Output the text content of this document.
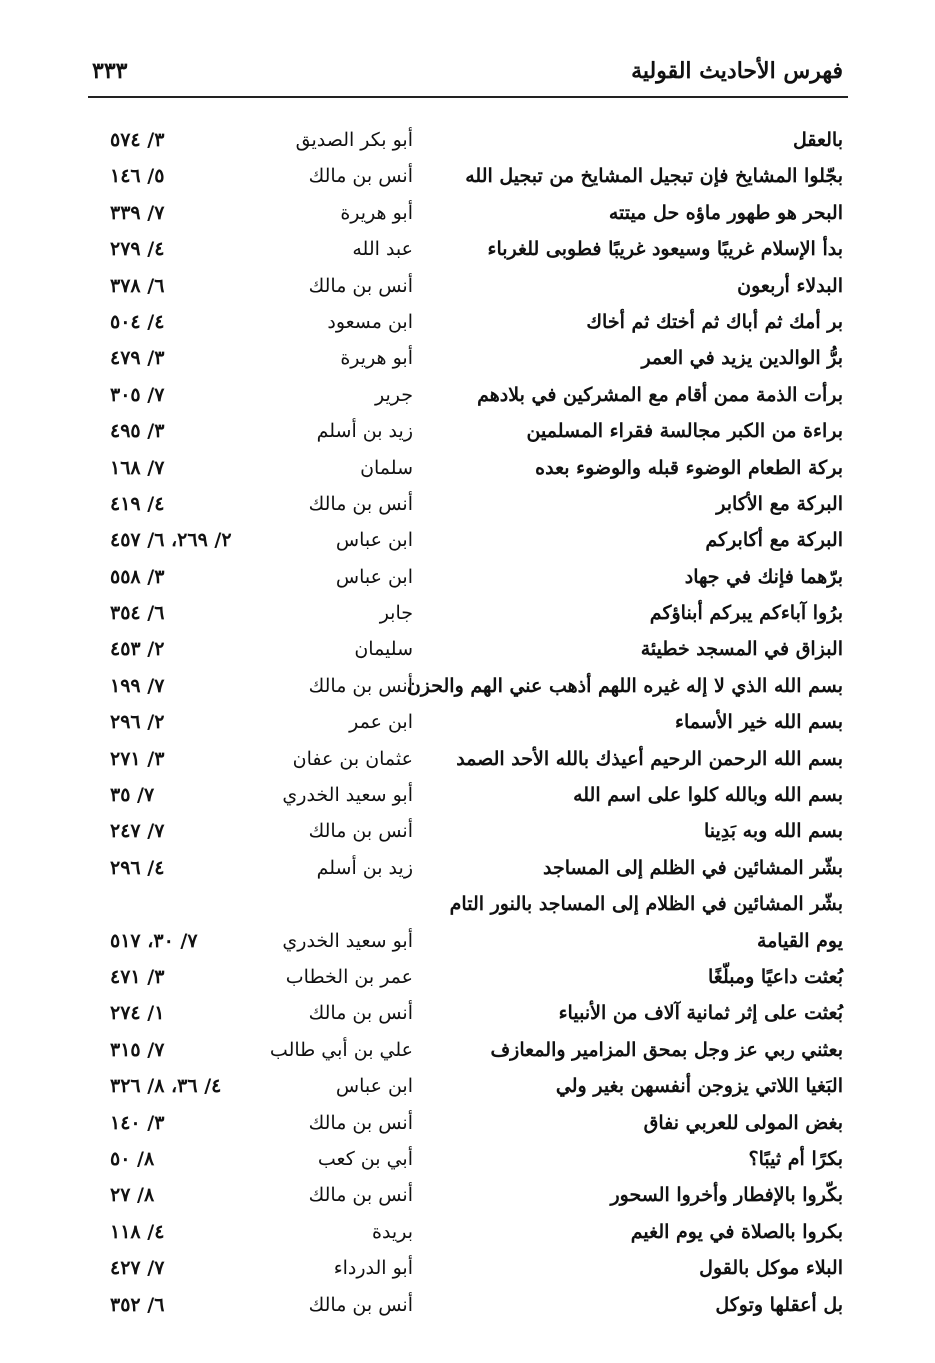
فهرس الأحاديث القولية
٣٣٣
بالعقل
أبو بكر الصديق
٣/ ٥٧٤
بجّلوا المشايخ فإن تبجيل المشايخ من تبجيل الله
أنس بن مالك
٥/ ١٤٦
البحر هو طهور ماؤه حل ميتته
أبو هريرة
٧/ ٣٣٩
بدأ الإسلام غريبًا وسيعود غريبًا فطوبى للغرباء
عبد الله
٤/ ٢٧٩
البدلاء أربعون
أنس بن مالك
٦/ ٣٧٨
بر أمك ثم أباك ثم أختك ثم أخاك
ابن مسعود
٤/ ٥٠٤
برُّ الوالدين يزيد في العمر
أبو هريرة
٣/ ٤٧٩
برأت الذمة ممن أقام مع المشركين في بلادهم
جرير
٧/ ٣٠٥
براءة من الكبر مجالسة فقراء المسلمين
زيد بن أسلم
٣/ ٤٩٥
بركة الطعام الوضوء قبله والوضوء بعده
سلمان
٧/ ١٦٨
البركة مع الأكابر
أنس بن مالك
٤/ ٤١٩
البركة مع أكابركم
ابن عباس
٢/ ٢٦٩، ٦/ ٤٥٧
برّهما فإنك في جهاد
ابن عباس
٣/ ٥٥٨
برُوا آباءكم يبركم أبناؤكم
جابر
٦/ ٣٥٤
البزاق في المسجد خطيئة
سليمان
٢/ ٤٥٣
بسم الله الذي لا إله غيره اللهم أذهب عني الهم والحزن
أنس بن مالك
٧/ ١٩٩
بسم الله خير الأسماء
ابن عمر
٢/ ٢٩٦
بسم الله الرحمن الرحيم أعيذك بالله الأحد الصمد
عثمان بن عفان
٣/ ٢٧١
بسم الله وبالله كلوا على اسم الله
أبو سعيد الخدري
٧/ ٣٥
بسم الله وبه بَدِينا
أنس بن مالك
٧/ ٢٤٧
بشّر المشائين في الظلم إلى المساجد
زيد بن أسلم
٤/ ٢٩٦
بشّر المشائين في الظلام إلى المساجد بالنور التام
يوم القيامة
أبو سعيد الخدري
٧/ ٣٠، ٥١٧
بُعثت داعيًا ومبلّغًا
عمر بن الخطاب
٣/ ٤٧١
بُعثت على إثر ثمانية آلاف من الأنبياء
أنس بن مالك
١/ ٢٧٤
بعثني ربي عز وجل بمحق المزامير والمعازف
علي بن أبي طالب
٧/ ٣١٥
البَغيا اللاتي يزوجن أنفسهن بغير ولي
ابن عباس
٤/ ٣٦، ٨/ ٣٢٦
بغض المولى للعربي نفاق
أنس بن مالك
٣/ ١٤٠
بكرًا أم ثيبًا؟
أبي بن كعب
٨/ ٥٠
بكّروا بالإفطار وأخروا السحور
أنس بن مالك
٨/ ٢٧
بكروا بالصلاة في يوم الغيم
بريدة
٤/ ١١٨
البلاء موكل بالقول
أبو الدرداء
٧/ ٤٢٧
بل أعقلها وتوكل
أنس بن مالك
٦/ ٣٥٢
